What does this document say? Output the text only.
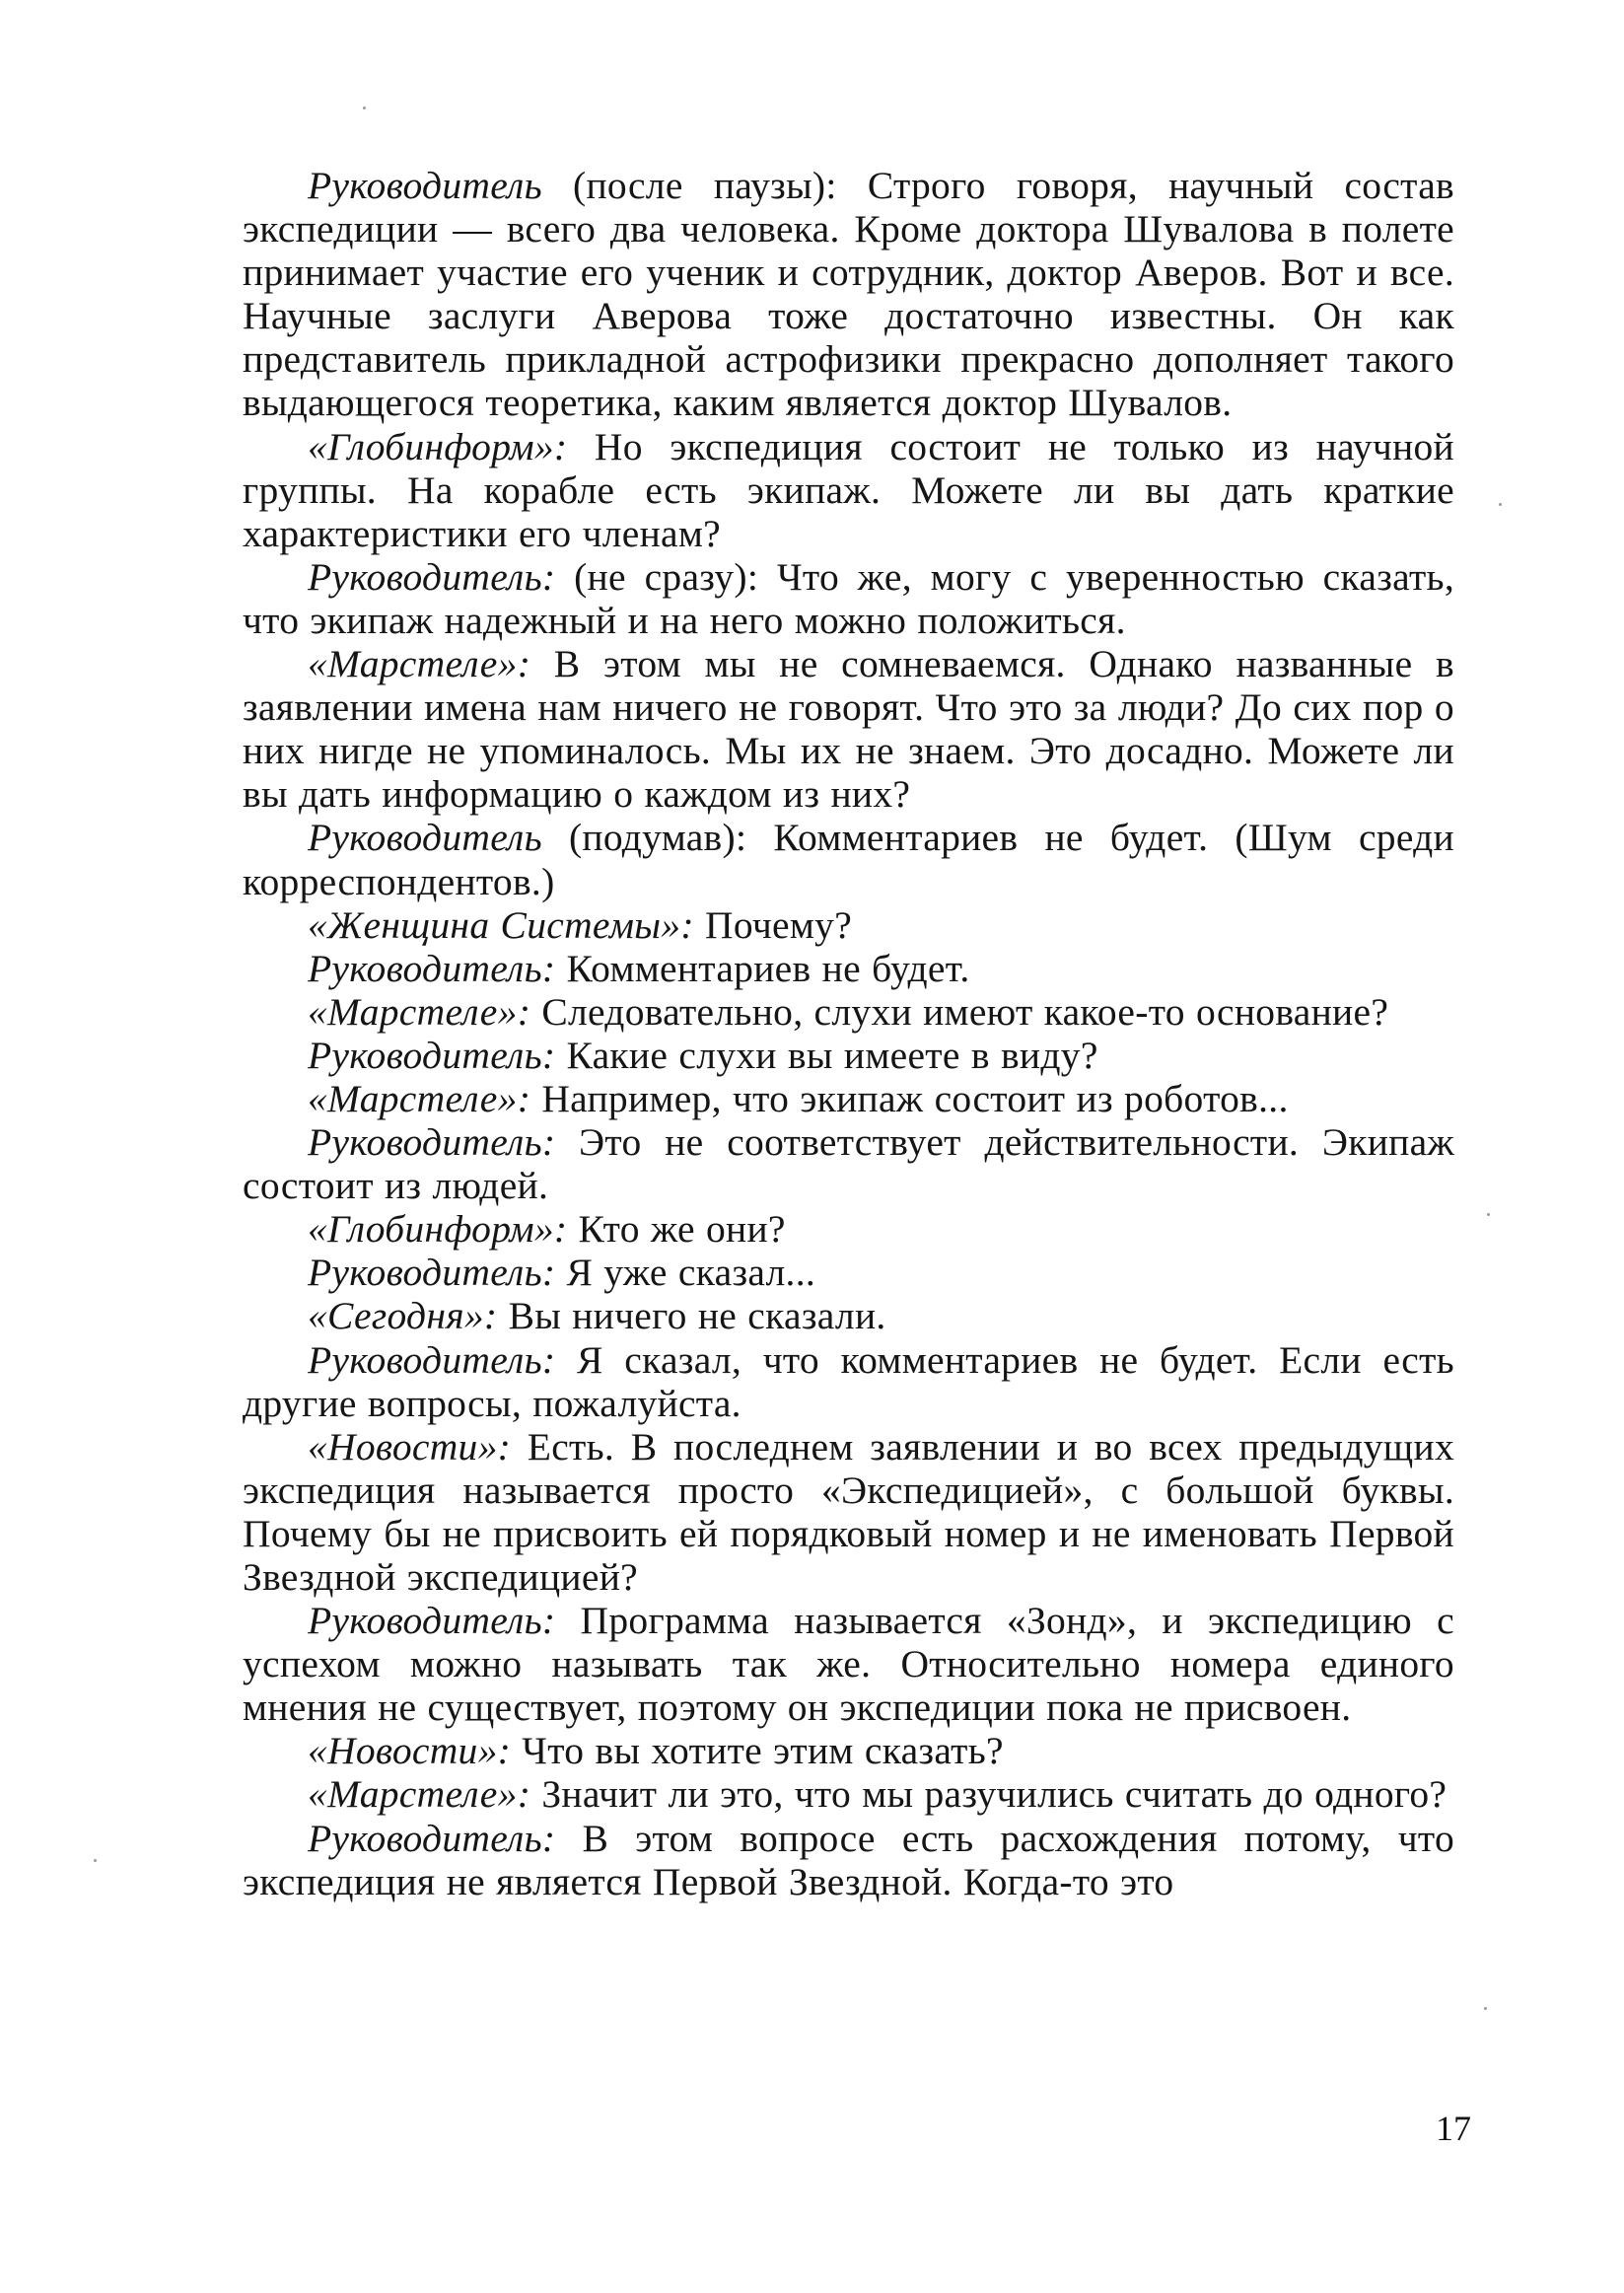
Руководитель (после паузы): Строго говоря, научный состав экспедиции — всего два человека. Кроме доктора Шувалова в полете принимает участие его ученик и сотрудник, доктор Аверов. Вот и все. Научные заслуги Аверова тоже достаточно известны. Он как представитель прикладной астрофизики прекрасно дополняет такого выдающегося теоретика, каким является доктор Шувалов.

«Глобинформ»: Но экспедиция состоит не только из научной группы. На корабле есть экипаж. Можете ли вы дать краткие характеристики его членам?

Руководитель: (не сразу): Что же, могу с уверенностью сказать, что экипаж надежный и на него можно положиться.

«Марстеле»: В этом мы не сомневаемся. Однако названные в заявлении имена нам ничего не говорят. Что это за люди? До сих пор о них нигде не упоминалось. Мы их не знаем. Это досадно. Можете ли вы дать информацию о каждом из них?

Руководитель (подумав): Комментариев не будет. (Шум среди корреспондентов.)

«Женщина Системы»: Почему?

Руководитель: Комментариев не будет.

«Марстеле»: Следовательно, слухи имеют какое-то основание?

Руководитель: Какие слухи вы имеете в виду?

«Марстеле»: Например, что экипаж состоит из роботов...

Руководитель: Это не соответствует действительности. Экипаж состоит из людей.

«Глобинформ»: Кто же они?

Руководитель: Я уже сказал...

«Сегодня»: Вы ничего не сказали.

Руководитель: Я сказал, что комментариев не будет. Если есть другие вопросы, пожалуйста.

«Новости»: Есть. В последнем заявлении и во всех предыдущих экспедиция называется просто «Экспедицией», с большой буквы. Почему бы не присвоить ей порядковый номер и не именовать Первой Звездной экспедицией?

Руководитель: Программа называется «Зонд», и экспедицию с успехом можно называть так же. Относительно номера единого мнения не существует, поэтому он экспедиции пока не присвоен.

«Новости»: Что вы хотите этим сказать?

«Марстеле»: Значит ли это, что мы разучились считать до одного?

Руководитель: В этом вопросе есть расхождения потому, что экспедиция не является Первой Звездной. Когда-то это

17
